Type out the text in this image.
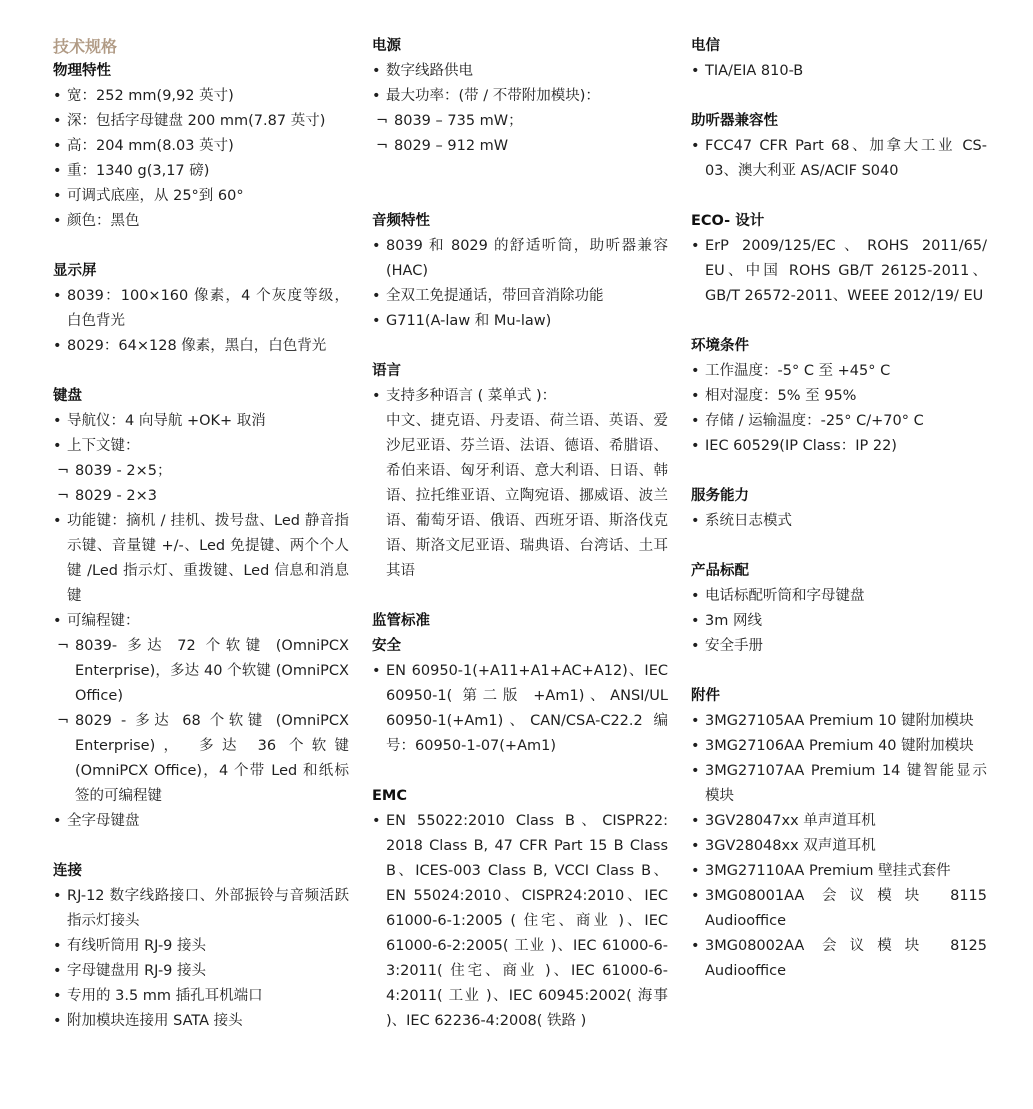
技术规格
物理特性
• 宽：252 mm(9,92 英寸)
• 深：包括字母键盘 200 mm(7.87 英寸)
• 高：204 mm(8.03 英寸)
• 重：1340 g(3,17 磅)
• 可调式底座，从 25°到 60°
• 颜色：黑色
显示屏
• 8039：100×160 像素，4 个灰度等级，白色背光
• 8029：64×128 像素，黑白，白色背光
键盘
• 导航仪：4 向导航 +OK+ 取消
• 上下文键：
¬ 8039 - 2×5；
¬ 8029 - 2×3
• 功能键：摘机 / 挂机、拨号盘、Led 静音指示键、音量键 +/-、Led 免提键、两个个人键 /Led 指示灯、重拨键、Led 信息和消息键
• 可编程键：
¬ 8039- 多达 72 个软键 (OmniPCX Enterprise)，多达 40 个软键 (OmniPCX Office)
¬ 8029 - 多达 68 个软键 (OmniPCX Enterprise)， 多达 36 个软键 (OmniPCX Office)，4 个带 Led 和纸标签的可编程键
• 全字母键盘
连接
• RJ-12 数字线路接口、外部振铃与音频活跃指示灯接头
• 有线听筒用 RJ-9 接头
• 字母键盘用 RJ-9 接头
• 专用的 3.5 mm 插孔耳机端口
• 附加模块连接用 SATA 接头
电源
• 数字线路供电
• 最大功率：(带 / 不带附加模块)：
¬ 8039 – 735 mW；
¬ 8029 – 912 mW
音频特性
• 8039 和 8029 的舒适听筒，助听器兼容 (HAC)
• 全双工免提通话，带回音消除功能
• G711(A-law 和 Mu-law)
语言
• 支持多种语言 ( 菜单式 )：
中文、捷克语、丹麦语、荷兰语、英语、爱沙尼亚语、芬兰语、法语、德语、希腊语、希伯来语、匈牙利语、意大利语、日语、韩语、拉托维亚语、立陶宛语、挪威语、波兰语、葡萄牙语、俄语、西班牙语、斯洛伐克语、斯洛文尼亚语、瑞典语、台湾话、土耳其语
监管标准
安全
• EN 60950-1(+A11+A1+AC+A12)、IEC 60950-1( 第二版 +Am1)、ANSI/UL 60950-1(+Am1)、CAN/CSA-C22.2 编号：60950-1-07(+Am1)
EMC
• EN 55022:2010 Class B、CISPR22: 2018 Class B, 47 CFR Part 15 B Class B、ICES-003 Class B, VCCI Class B、EN 55024:2010、CISPR24:2010、IEC 61000-6-1:2005 ( 住宅、商业 )、IEC 61000-6-2:2005( 工业 )、IEC 61000-6-3:2011( 住宅、商业 )、IEC 61000-6-4:2011( 工业 )、IEC 60945:2002( 海事 )、IEC 62236-4:2008( 铁路 )
电信
• TIA/EIA 810-B
助听器兼容性
• FCC47 CFR Part 68、加拿大工业 CS-03、澳大利亚 AS/ACIF S040
ECO- 设计
• ErP 2009/125/EC、ROHS 2011/65/ EU、中国 ROHS GB/T 26125-2011、GB/T 26572-2011、WEEE 2012/19/ EU
环境条件
• 工作温度：-5° C 至 +45° C
• 相对湿度：5% 至 95%
• 存储 / 运输温度：-25° C/+70° C
• IEC 60529(IP Class：IP 22)
服务能力
• 系统日志模式
产品标配
• 电话标配听筒和字母键盘
• 3m 网线
• 安全手册
附件
• 3MG27105AA Premium 10 键附加模块
• 3MG27106AA Premium 40 键附加模块
• 3MG27107AA Premium 14 键智能显示模块
• 3GV28047xx 单声道耳机
• 3GV28048xx 双声道耳机
• 3MG27110AA Premium 壁挂式套件
• 3MG08001AA 会议模块 8115 Audiooffice
• 3MG08002AA 会议模块 8125 Audiooffice
